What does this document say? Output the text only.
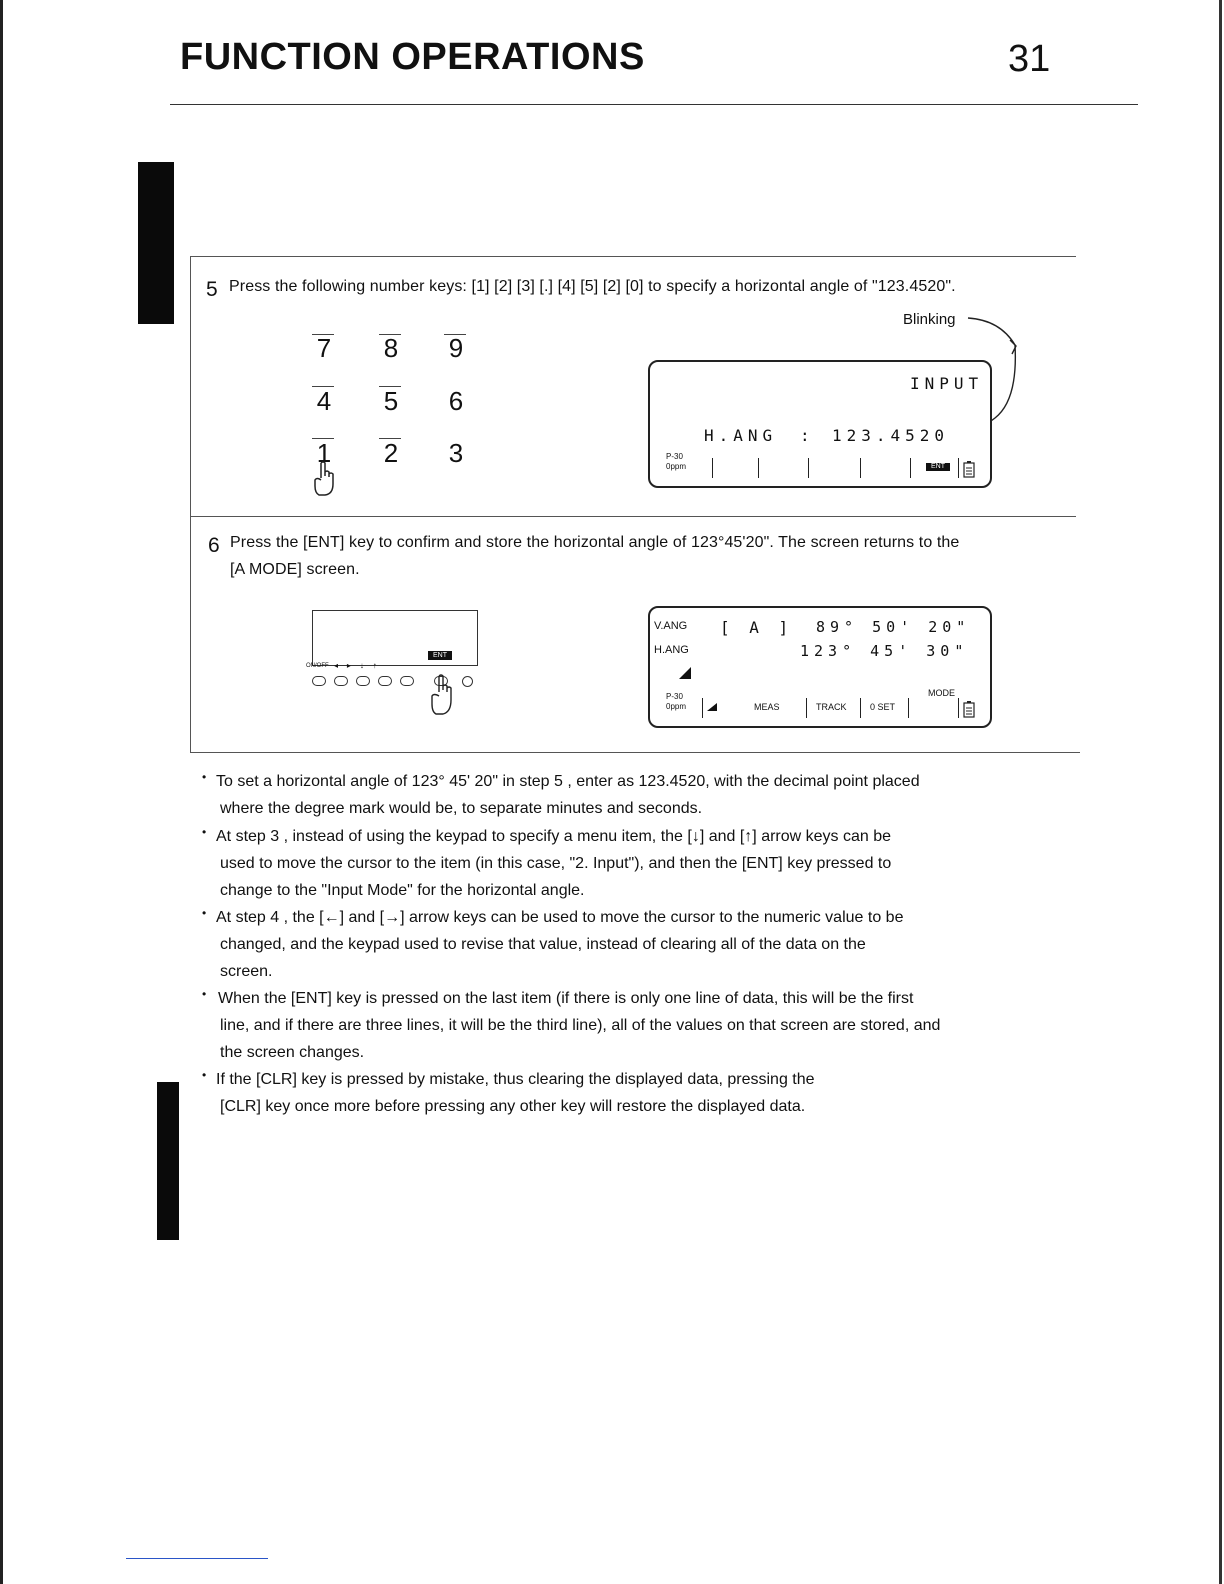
FUNCTION OPERATIONS	31
5 Press the following number keys: [1] [2] [3] [.] [4] [5] [2] [0] to specify a horizontal angle of "123.4520".
7 8 9
4 5 6
1 2 3
Blinking
INPUT
H.ANG : 123.4520
P-30
0ppm	ENT
6 Press the [ENT] key to confirm and store the horizontal angle of 123°45'20". The screen returns to the
[A MODE] screen.
ENT
ON/OFF ◂    ▸    ↓    ↑
V.ANG [ A ] 89° 50' 20"
H.ANG	123° 45' 30"
P-30
0ppm	MEAS	TRACK	0 SET
MODE
• To set a horizontal angle of 123° 45' 20" in step 5 , enter as 123.4520, with the decimal point placed
where the degree mark would be, to separate minutes and seconds.
• At step 3 , instead of using the keypad to specify a menu item, the [↓] and [↑] arrow keys can be
used to move the cursor to the item (in this case, "2. Input"), and then the [ENT] key pressed to
change to the "Input Mode" for the horizontal angle.
• At step 4 , the [←] and [→] arrow keys can be used to move the cursor to the numeric value to be
changed, and the keypad used to revise that value, instead of clearing all of the data on the
screen.
• When the [ENT] key is pressed on the last item (if there is only one line of data, this will be the first
line, and if there are three lines, it will be the third line), all of the values on that screen are stored, and
the screen changes.
• If the [CLR] key is pressed by mistake, thus clearing the displayed data, pressing the
[CLR] key once more before pressing any other key will restore the displayed data.
